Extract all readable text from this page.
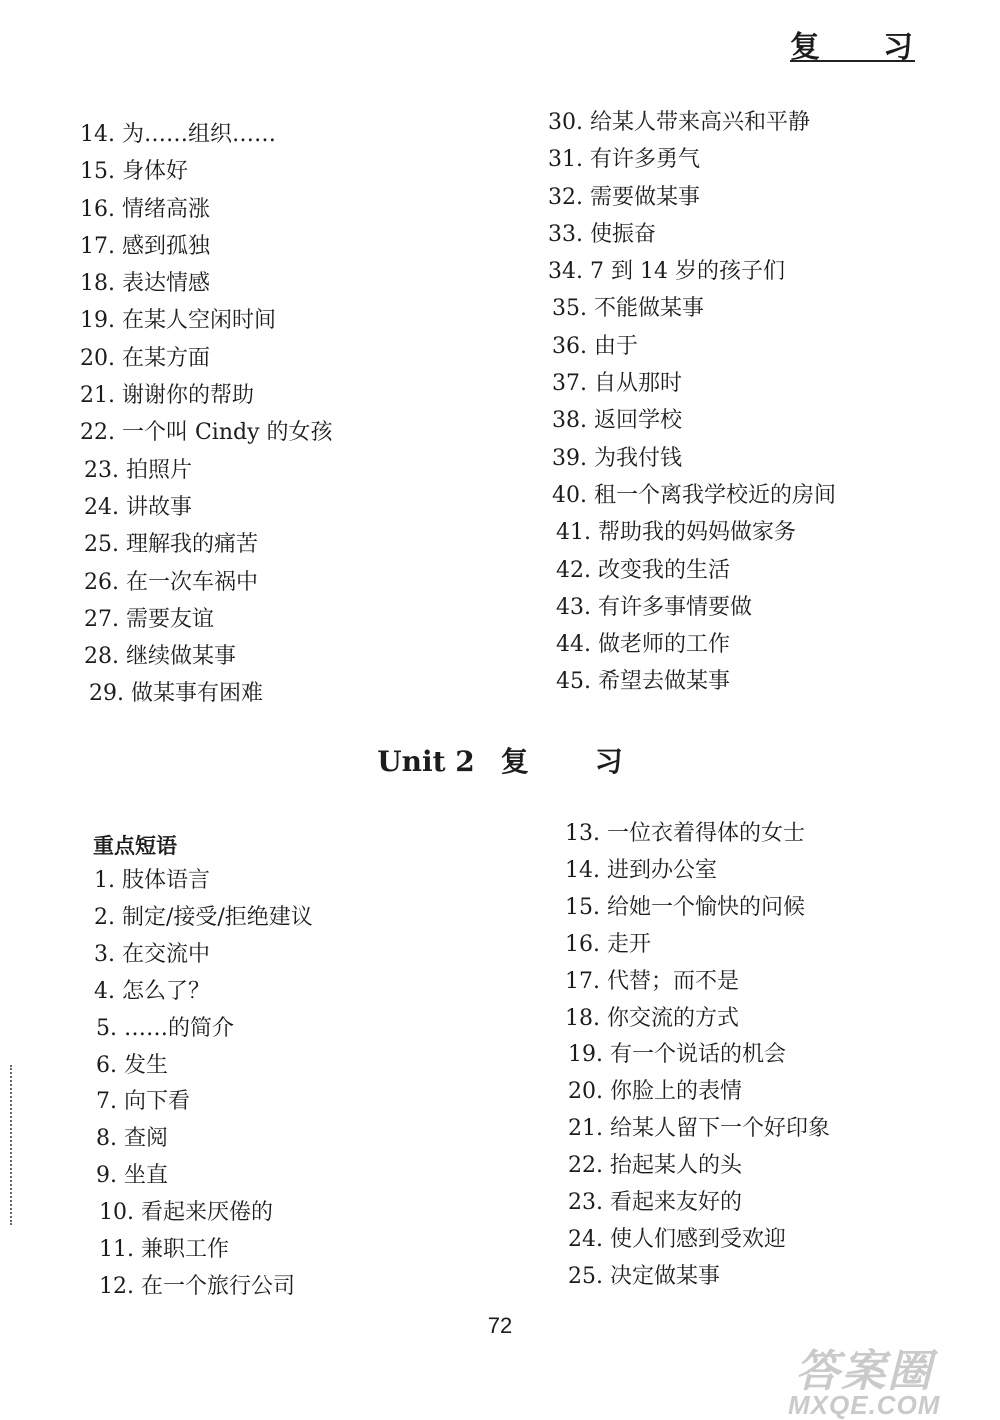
复 习
14. 为……组织……
15. 身体好
16. 情绪高涨
17. 感到孤独
18. 表达情感
19. 在某人空闲时间
20. 在某方面
21. 谢谢你的帮助
22. 一个叫 Cindy 的女孩
23. 拍照片
24. 讲故事
25. 理解我的痛苦
26. 在一次车祸中
27. 需要友谊
28. 继续做某事
29. 做某事有困难
30. 给某人带来高兴和平静
31. 有许多勇气
32. 需要做某事
33. 使振奋
34. 7 到 14 岁的孩子们
35. 不能做某事
36. 由于
37. 自从那时
38. 返回学校
39. 为我付钱
40. 租一个离我学校近的房间
41. 帮助我的妈妈做家务
42. 改变我的生活
43. 有许多事情要做
44. 做老师的工作
45. 希望去做某事
Unit 2 复 习
重点短语
1. 肢体语言
2. 制定/接受/拒绝建议
3. 在交流中
4. 怎么了？
5. ……的简介
6. 发生
7. 向下看
8. 查阅
9. 坐直
10. 看起来厌倦的
11. 兼职工作
12. 在一个旅行公司
13. 一位衣着得体的女士
14. 进到办公室
15. 给她一个愉快的问候
16. 走开
17. 代替；而不是
18. 你交流的方式
19. 有一个说话的机会
20. 你脸上的表情
21. 给某人留下一个好印象
22. 抬起某人的头
23. 看起来友好的
24. 使人们感到受欢迎
25. 决定做某事
72
答案圈
MXQE.COM
